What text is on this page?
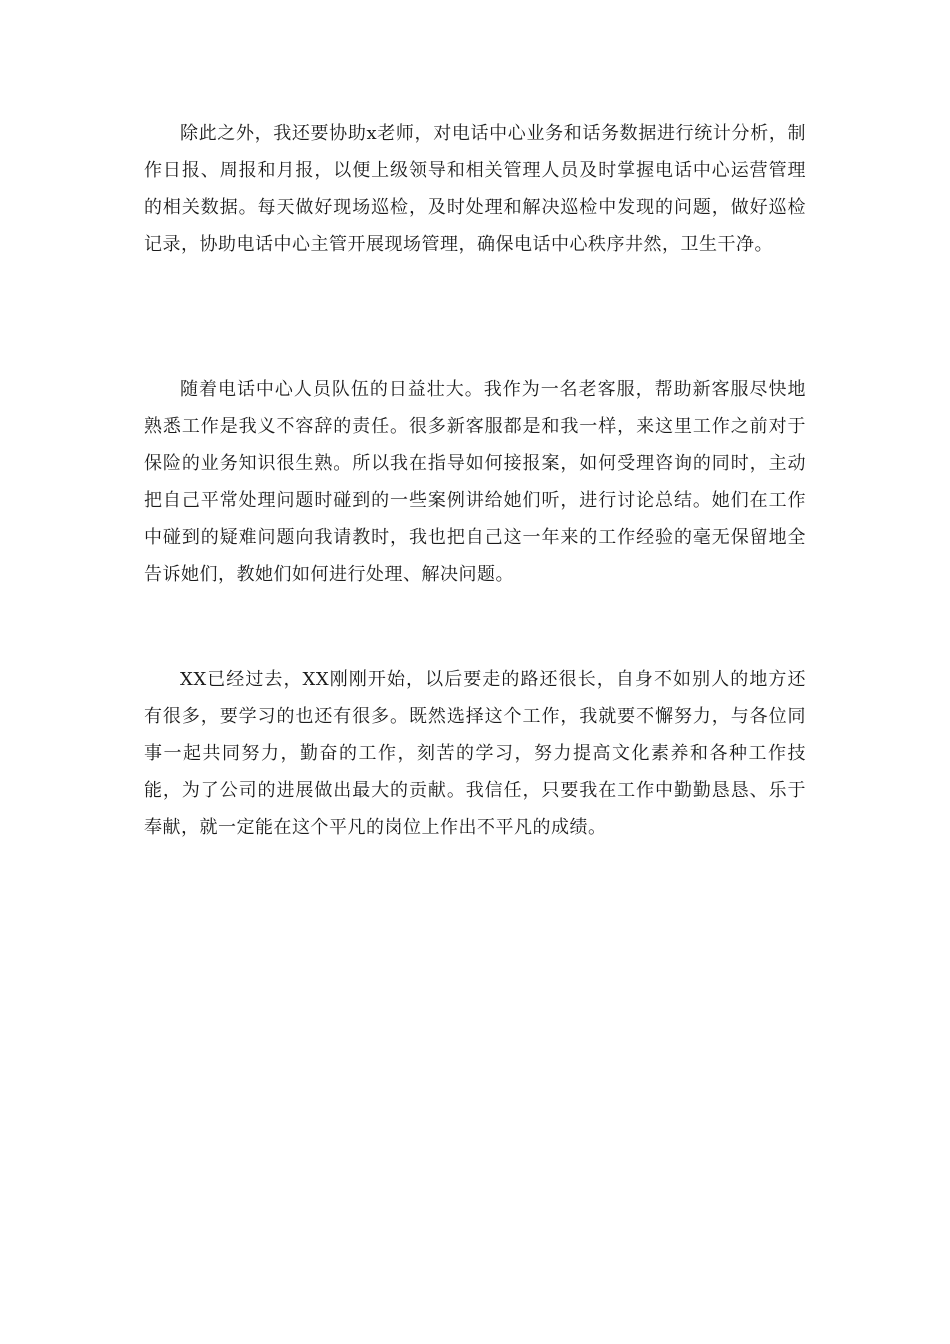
除此之外，我还要协助x老师，对电话中心业务和话务数据进行统计分析，制作日报、周报和月报，以便上级领导和相关管理人员及时掌握电话中心运营管理的相关数据。每天做好现场巡检，及时处理和解决巡检中发现的问题，做好巡检记录，协助电话中心主管开展现场管理，确保电话中心秩序井然，卫生干净。

随着电话中心人员队伍的日益壮大。我作为一名老客服，帮助新客服尽快地熟悉工作是我义不容辞的责任。很多新客服都是和我一样，来这里工作之前对于保险的业务知识很生熟。所以我在指导如何接报案，如何受理咨询的同时，主动把自己平常处理问题时碰到的一些案例讲给她们听，进行讨论总结。她们在工作中碰到的疑难问题向我请教时，我也把自己这一年来的工作经验的毫无保留地全告诉她们，教她们如何进行处理、解决问题。

XX已经过去，XX刚刚开始，以后要走的路还很长，自身不如别人的地方还有很多，要学习的也还有很多。既然选择这个工作，我就要不懈努力，与各位同事一起共同努力，勤奋的工作，刻苦的学习，努力提高文化素养和各种工作技能，为了公司的进展做出最大的贡献。我信任，只要我在工作中勤勤恳恳、乐于奉献，就一定能在这个平凡的岗位上作出不平凡的成绩。
